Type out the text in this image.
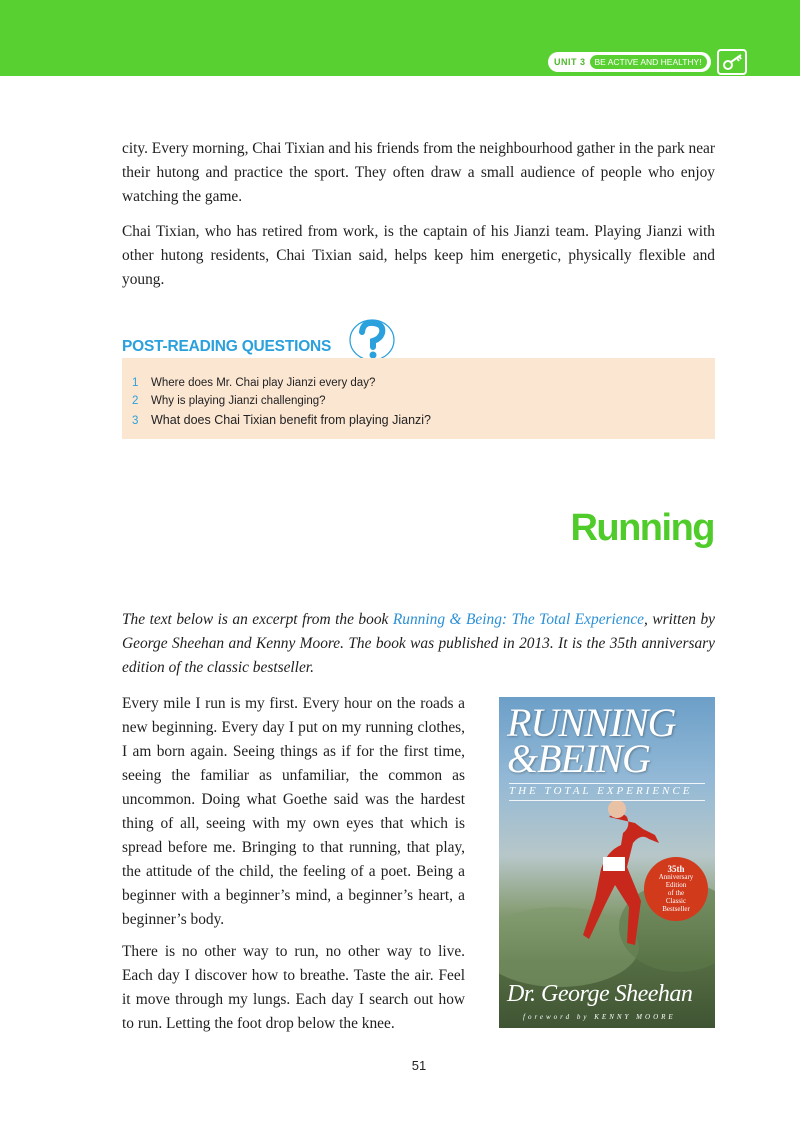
UNIT 3	BE ACTIVE AND HEALTHY!

city. Every morning, Chai Tixian and his friends from the neighbourhood gather in the park near their hutong and practice the sport. They often draw a small audience of people who enjoy watching the game.

Chai Tixian, who has retired from work, is the captain of his Jianzi team. Playing Jianzi with other hutong residents, Chai Tixian said, helps keep him energetic, physically flexible and young.

POST-READING QUESTIONS
1 Where does Mr. Chai play Jianzi every day?
2 Why is playing Jianzi challenging?
3 What does Chai Tixian benefit from playing Jianzi?
Running

The text below is an excerpt from the book Running & Being: The Total Experience, written by George Sheehan and Kenny Moore. The book was published in 2013. It is the 35th anniversary edition of the classic bestseller.

Every mile I run is my first. Every hour on the roads a new beginning. Every day I put on my running clothes, I am born again. Seeing things as if for the first time, seeing the familiar as unfamiliar, the common as uncommon. Doing what Goethe said was the hardest thing of all, seeing with my own eyes that which is spread before me. Bringing to that running, that play, the attitude of the child, the feeling of a poet. Being a beginner with a beginner’s mind, a beginner’s heart, a beginner’s body.

There is no other way to run, no other way to live. Each day I discover how to breathe. Taste the air. Feel it move through my lungs. Each day I search out how to run. Letting the foot drop below the knee.

RUNNING
&BEING
THE TOTAL EXPERIENCE
35th
Anniversary
Edition
of the
Classic
Bestseller
Dr. George Sheehan
foreword by KENNY MOORE
51
